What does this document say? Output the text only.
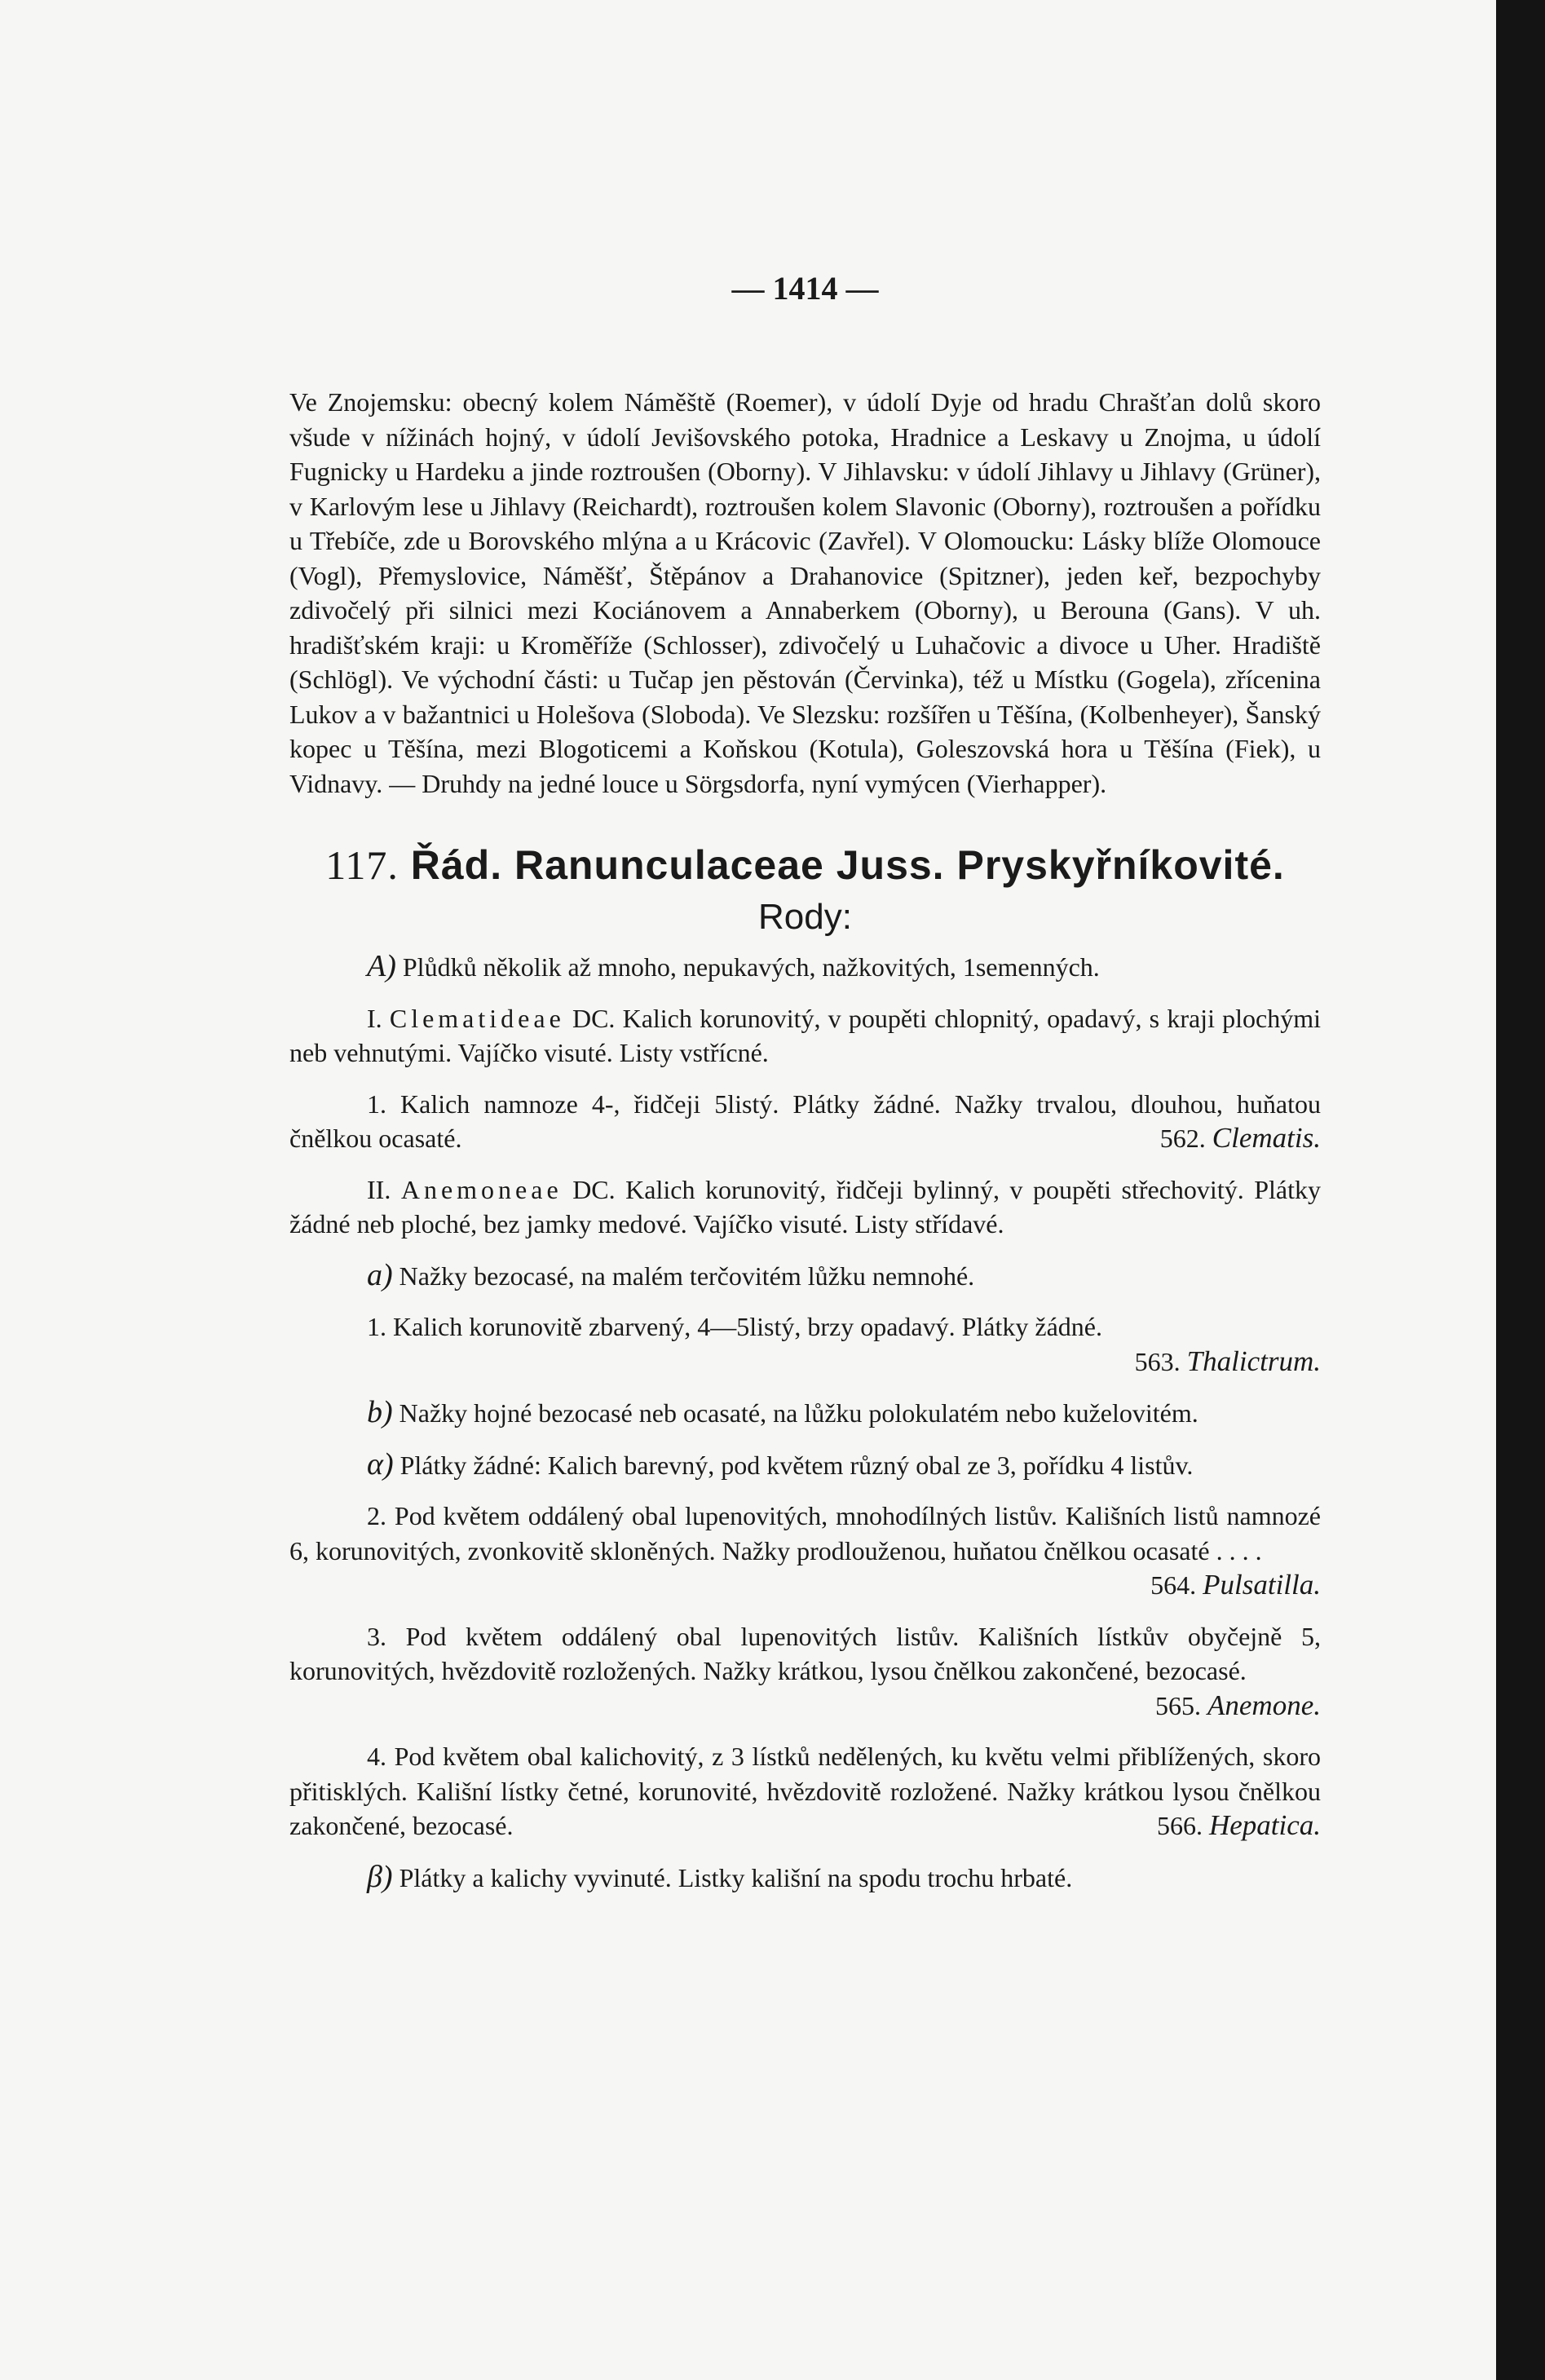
— 1414 —

Ve Znojemsku: obecný kolem Náměště (Roemer), v údolí Dyje od hradu Chrašťan dolů skoro všude v nížinách hojný, v údolí Jevišovského potoka, Hradnice a Leskavy u Znojma, u údolí Fugnicky u Hardeku a jinde roztroušen (Oborny). V Jihlavsku: v údolí Jihlavy u Jihlavy (Grüner), v Karlovým lese u Jihlavy (Reichardt), roztroušen kolem Slavonic (Oborny), roztroušen a pořídku u Třebíče, zde u Borovského mlýna a u Krácovic (Zavřel). V Olomoucku: Lásky blíže Olomouce (Vogl), Přemyslovice, Náměšť, Štěpánov a Drahanovice (Spitzner), jeden keř, bezpochyby zdivočelý při silnici mezi Kociánovem a Annaberkem (Oborny), u Berouna (Gans). V uh. hradišťském kraji: u Kroměříže (Schlosser), zdivočelý u Luhačovic a divoce u Uher. Hradiště (Schlögl). Ve východní části: u Tučap jen pěstován (Červinka), též u Místku (Gogela), zřícenina Lukov a v bažantnici u Holešova (Sloboda). Ve Slezsku: rozšířen u Těšína, (Kolbenheyer), Šanský kopec u Těšína, mezi Blogoticemi a Koňskou (Kotula), Goleszovská hora u Těšína (Fiek), u Vidnavy. — Druhdy na jedné louce u Sörgsdorfa, nyní vymýcen (Vierhapper).

117. Řád. Ranunculaceae Juss. Pryskyřníkovité.
Rody:

A) Plůdků několik až mnoho, nepukavých, nažkovitých, 1semenných.

I. Clematideae DC. Kalich korunovitý, v poupěti chlopnitý, opadavý, s kraji plochými neb vehnutými. Vajíčko visuté. Listy vstřícné.

1. Kalich namnoze 4-, řidčeji 5listý. Plátky žádné. Nažky trvalou, dlouhou, huňatou čnělkou ocasaté.	562. Clematis.

II. Anemoneae DC. Kalich korunovitý, řidčeji bylinný, v poupěti střechovitý. Plátky žádné neb ploché, bez jamky medové. Vajíčko visuté. Listy střídavé.

a) Nažky bezocasé, na malém terčovitém lůžku nemnohé.

1. Kalich korunovitě zbarvený, 4—5listý, brzy opadavý. Plátky žádné.
563. Thalictrum.

b) Nažky hojné bezocasé neb ocasaté, na lůžku polokulatém nebo kuželovitém.

α) Plátky žádné: Kalich barevný, pod květem různý obal ze 3, pořídku 4 listův.

2. Pod květem oddálený obal lupenovitých, mnohodílných listův. Kališních listů namnozé 6, korunovitých, zvonkovitě skloněných. Nažky prodlouženou, huňatou čnělkou ocasaté . . . .
564. Pulsatilla.

3. Pod květem oddálený obal lupenovitých listův. Kališních lístkův obyčejně 5, korunovitých, hvězdovitě rozložených. Nažky krátkou, lysou čnělkou zakončené, bezocasé.
565. Anemone.

4. Pod květem obal kalichovitý, z 3 lístků nedělených, ku květu velmi přiblížených, skoro přitisklých. Kališní lístky četné, korunovité, hvězdovitě rozložené. Nažky krátkou lysou čnělkou zakončené, bezocasé.	566. Hepatica.

β) Plátky a kalichy vyvinuté. Listky kališní na spodu trochu hrbaté.
